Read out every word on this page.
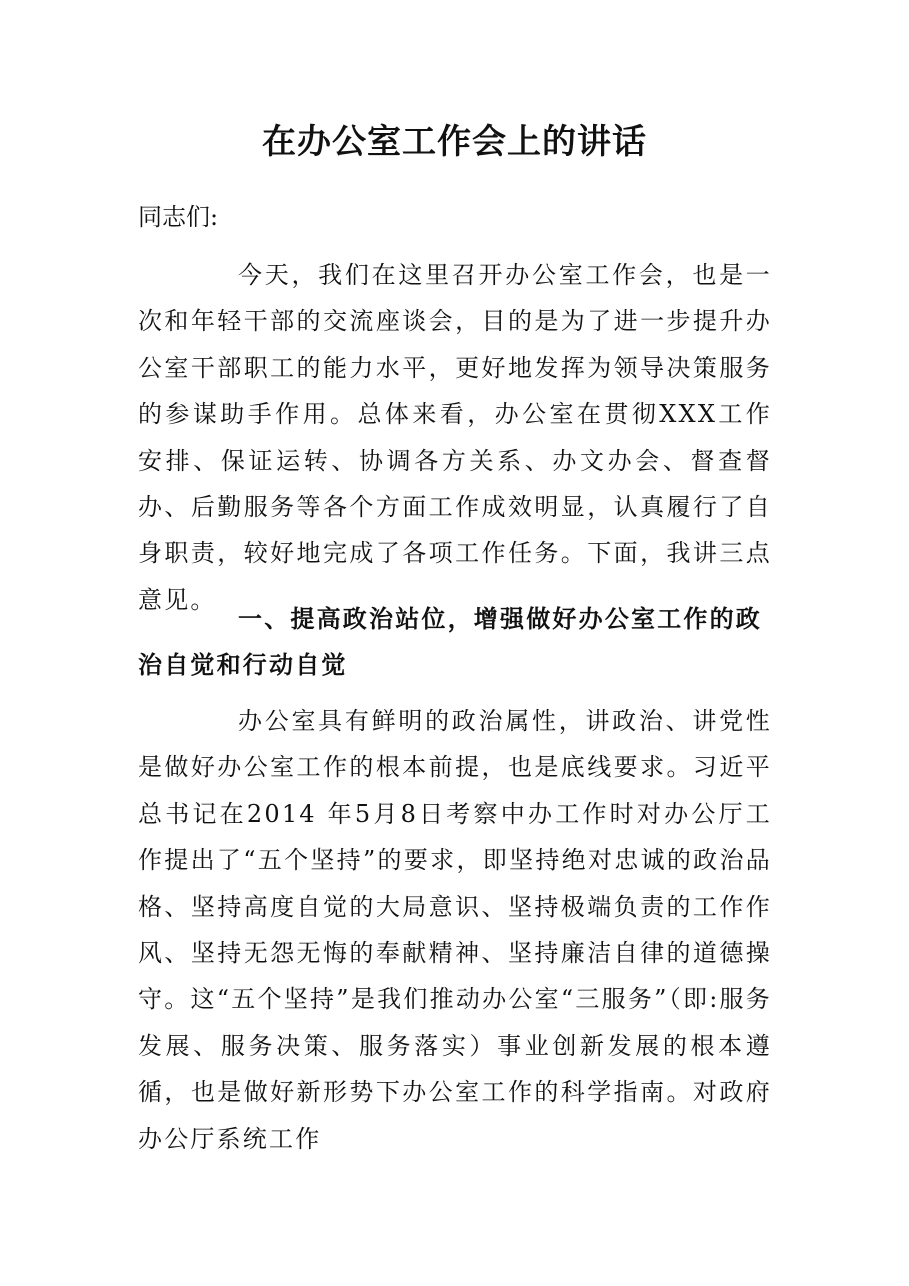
在办公室工作会上的讲话

同志们:

今天，我们在这里召开办公室工作会，也是一次和年轻干部的交流座谈会，目的是为了进一步提升办公室干部职工的能力水平，更好地发挥为领导决策服务的参谋助手作用。总体来看，办公室在贯彻XXX工作安排、保证运转、协调各方关系、办文办会、督查督办、后勤服务等各个方面工作成效明显，认真履行了自身职责，较好地完成了各项工作任务。下面，我讲三点意见。

一、提高政治站位，增强做好办公室工作的政治自觉和行动自觉

办公室具有鲜明的政治属性，讲政治、讲党性是做好办公室工作的根本前提，也是底线要求。习近平总书记在2014 年5月8日考察中办工作时对办公厅工作提出了“五个坚持”的要求，即坚持绝对忠诚的政治品格、坚持高度自觉的大局意识、坚持极端负责的工作作风、坚持无怨无悔的奉献精神、坚持廉洁自律的道德操守。这“五个坚持”是我们推动办公室“三服务”（即:服务发展、服务决策、服务落实）事业创新发展的根本遵循，也是做好新形势下办公室工作的科学指南。对政府办公厅系统工作
